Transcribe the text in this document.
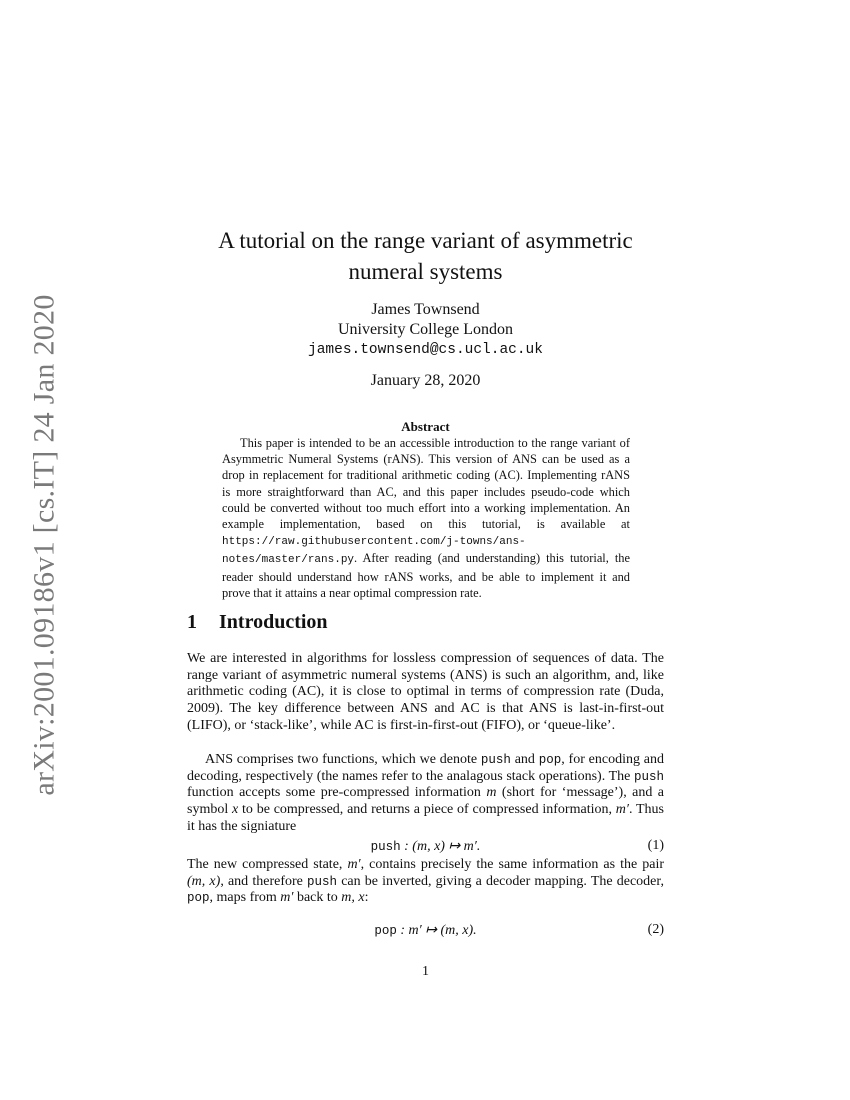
arXiv:2001.09186v1 [cs.IT] 24 Jan 2020
A tutorial on the range variant of asymmetric
numeral systems
James Townsend
University College London
james.townsend@cs.ucl.ac.uk
January 28, 2020
Abstract

This paper is intended to be an accessible introduction to the range variant of Asymmetric Numeral Systems (rANS). This version of ANS can be used as a drop in replacement for traditional arithmetic coding (AC). Implementing rANS is more straightforward than AC, and this paper includes pseudo-code which could be converted without too much effort into a working implementation. An example implementation, based on this tutorial, is available at https://raw.githubusercontent.com/j-towns/ans-notes/master/rans.py. After reading (and understanding) this tutorial, the reader should understand how rANS works, and be able to implement it and prove that it attains a near optimal compression rate.

1 Introduction

We are interested in algorithms for lossless compression of sequences of data. The range variant of asymmetric numeral systems (ANS) is such an algorithm, and, like arithmetic coding (AC), it is close to optimal in terms of compression rate (Duda, 2009). The key difference between ANS and AC is that ANS is last-in-first-out (LIFO), or ‘stack-like’, while AC is first-in-first-out (FIFO), or ‘queue-like’.

ANS comprises two functions, which we denote push and pop, for encoding and decoding, respectively (the names refer to the analagous stack operations). The push function accepts some pre-compressed information m (short for ‘message’), and a symbol x to be compressed, and returns a piece of compressed information, m′. Thus it has the signiature

push : (m, x) ↦ m′.	(1)

The new compressed state, m′, contains precisely the same information as the pair (m, x), and therefore push can be inverted, giving a decoder mapping. The decoder, pop, maps from m′ back to m, x:

pop : m′ ↦ (m, x).	(2)
1
